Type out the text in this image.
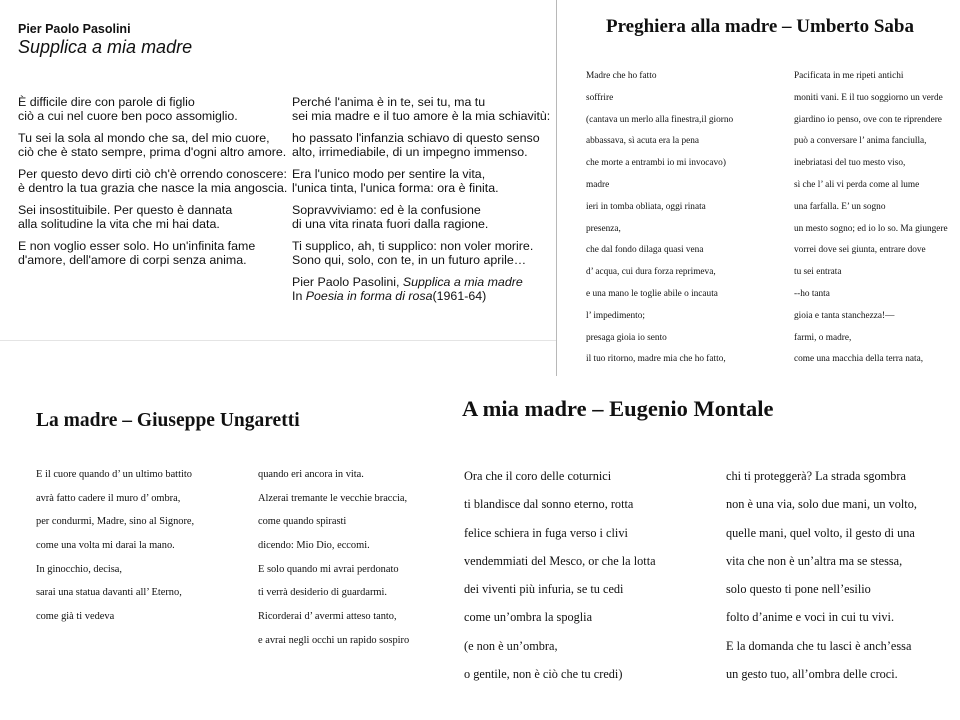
Pier Paolo Pasolini
Supplica a mia madre
È difficile dire con parole di figlio
ciò a cui nel cuore ben poco assomiglio.
Tu sei la sola al mondo che sa, del mio cuore,
ciò che è stato sempre, prima d'ogni altro amore.
Per questo devo dirti ciò ch'è orrendo conoscere:
è dentro la tua grazia che nasce la mia angoscia.
Sei insostituibile. Per questo è dannata
alla solitudine la vita che mi hai data.
E non voglio esser solo. Ho un'infinita fame
d'amore, dell'amore di corpi senza anima.
Perché l'anima è in te, sei tu, ma tu
sei mia madre e il tuo amore è la mia schiavitù:
ho passato l'infanzia schiavo di questo senso
alto, irrimediabile, di un impegno immenso.
Era l'unico modo per sentire la vita,
l'unica tinta, l'unica forma: ora è finita.
Sopravviviamo: ed è la confusione
di una vita rinata fuori dalla ragione.
Ti supplico, ah, ti supplico: non voler morire.
Sono qui, solo, con te, in un futuro aprile…
Pier Paolo Pasolini, Supplica a mia madre
In Poesia in forma di rosa(1961-64)
Preghiera alla madre – Umberto Saba
Madre che ho fatto
soffrire
(cantava un merlo alla finestra,il giorno
abbassava, sì acuta era la pena
che morte a entrambi io mi invocavo)
madre
ieri in tomba obliata, oggi rinata
presenza,
che dal fondo dilaga quasi vena
d’ acqua, cui dura forza reprimeva,
e una mano le toglie abile o incauta
l’ impedimento;
presaga gioia io sento
il tuo ritorno, madre mia che ho fatto,
Pacificata in me ripeti antichi
moniti vani. E il tuo soggiorno un verde
giardino io penso, ove con te riprendere
può a conversare l’ anima fanciulla,
inebriatasi del tuo mesto viso,
sì che l’ ali vi perda come al lume
una farfalla. E’ un sogno
un mesto sogno; ed io lo so. Ma giungere
vorrei dove sei giunta, entrare dove
tu sei entrata
--ho tanta
gioia e tanta stanchezza!—
farmi, o madre,
come una macchia della terra nata,
La madre – Giuseppe Ungaretti
E il cuore quando d’ un ultimo battito
avrà fatto cadere il muro d’ ombra,
per condurmi, Madre, sino al Signore,
come una volta mi darai la mano.
In ginocchio, decisa,
sarai una statua davanti all’ Eterno,
come già ti vedeva
quando eri ancora in vita.
Alzerai tremante le vecchie braccia,
come quando spirasti
dicendo: Mio Dio, eccomi.
E solo quando mi avrai perdonato
ti verrà desiderio di guardarmi.
Ricorderai d’ avermi atteso tanto,
e avrai negli occhi un rapido sospiro
A mia madre – Eugenio Montale
Ora che il coro delle coturnici
ti blandisce dal sonno eterno, rotta
felice schiera in fuga verso i clivi
vendemmiati del Mesco, or che la lotta
dei viventi più infuria, se tu cedi
come un’ombra la spoglia
(e non è un’ombra,
o gentile, non è ciò che tu credi)
chi ti proteggerà? La strada sgombra
non è una via, solo due mani, un volto,
quelle mani, quel volto, il gesto di una
vita che non è un’altra ma se stessa,
solo questo ti pone nell’esilio
folto d’anime e voci in cui tu vivi.
E la domanda che tu lasci è anch’essa
un gesto tuo, all’ombra delle croci.
